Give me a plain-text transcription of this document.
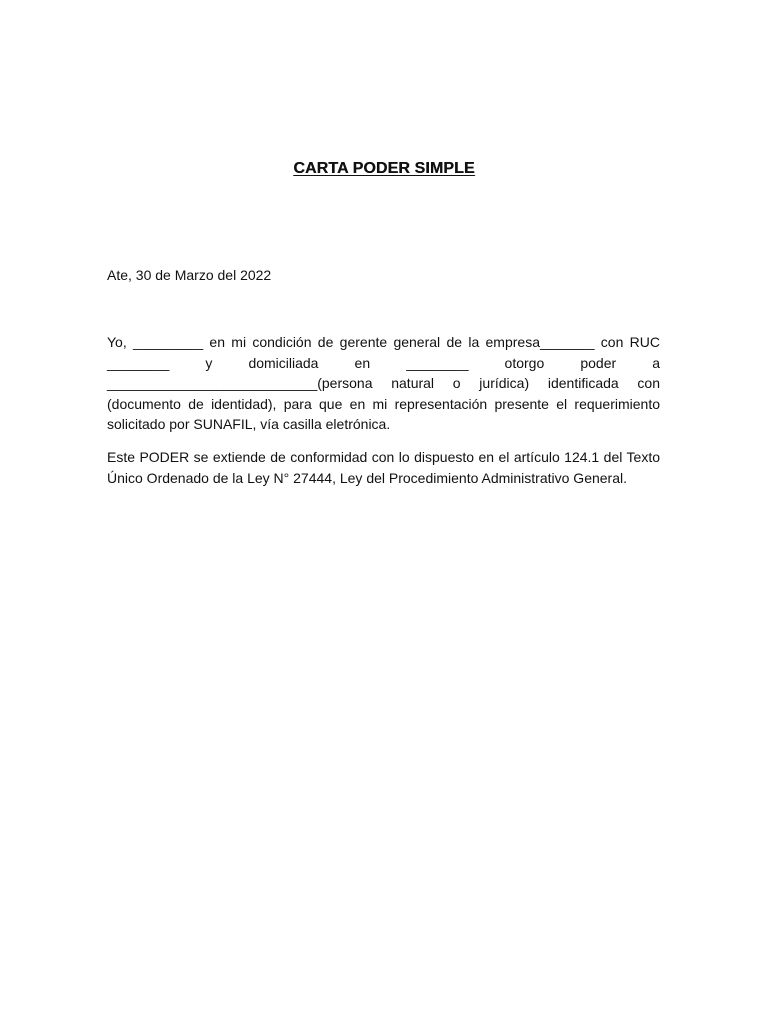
CARTA PODER SIMPLE

Ate, 30 de Marzo del 2022

Yo, _________ en mi condición de gerente general de la empresa_______ con RUC ________ y domiciliada en ________ otorgo poder a ___________________________(persona natural o jurídica) identificada con (documento de identidad), para que en mi representación presente el requerimiento solicitado por SUNAFIL, vía casilla eletrónica.

Este PODER se extiende de conformidad con lo dispuesto en el artículo 124.1 del Texto Único Ordenado de la Ley N° 27444, Ley del Procedimiento Administrativo General.
